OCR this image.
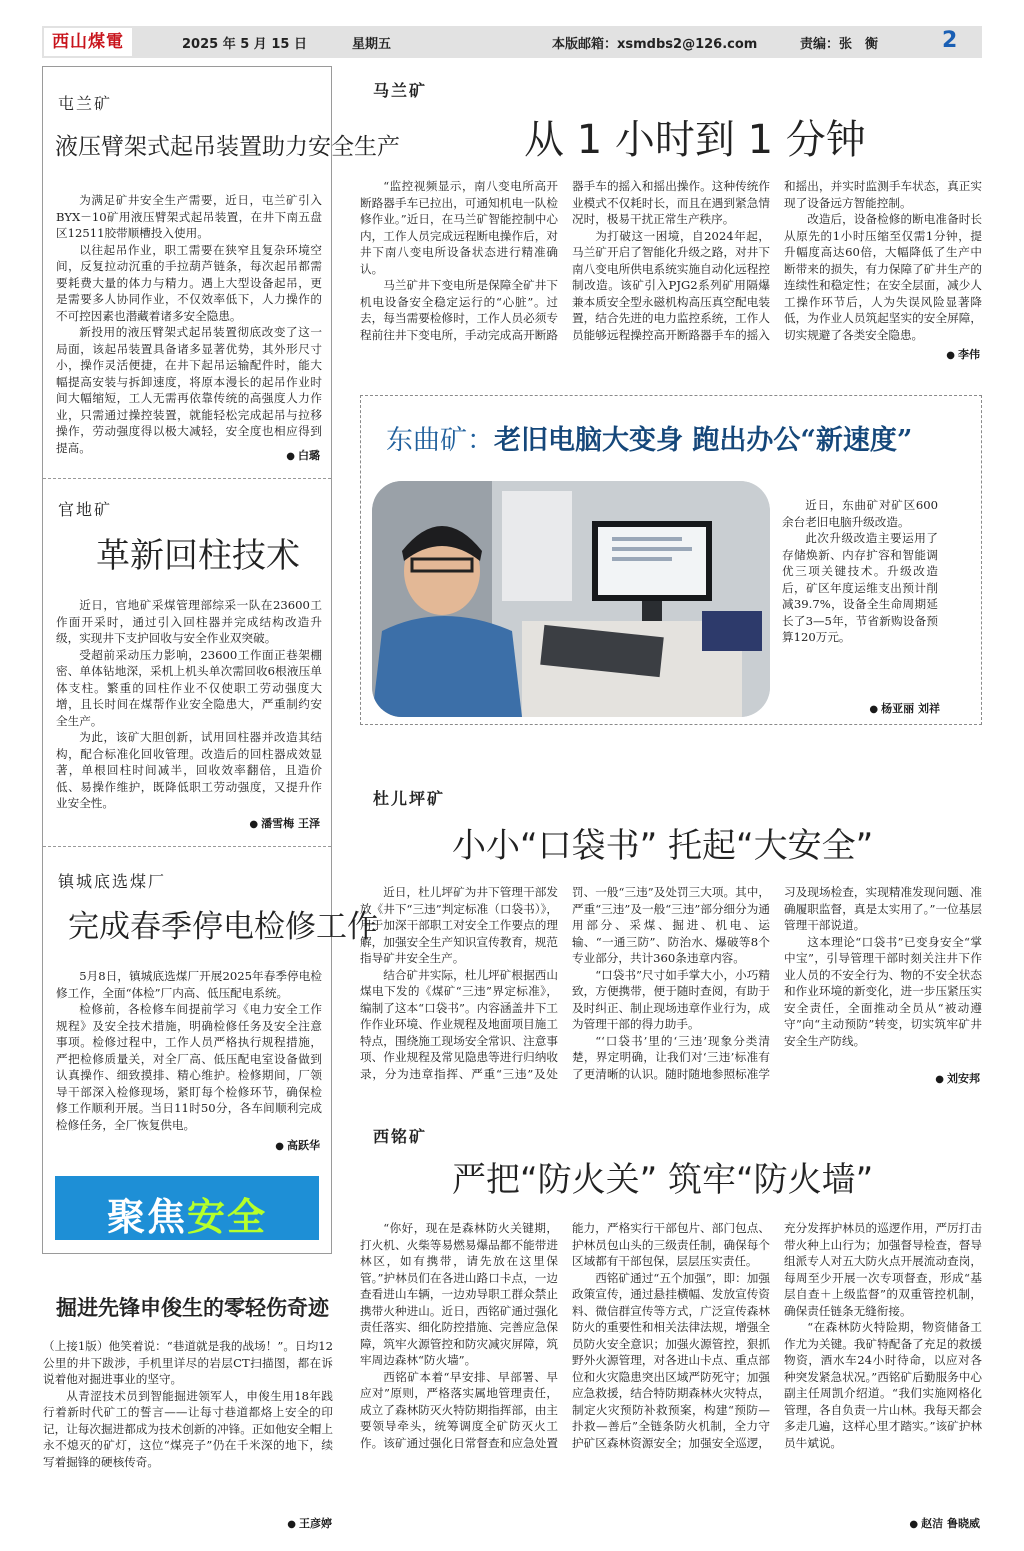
西山煤電	2025 年 5 月 15 日	星期五	本版邮箱：xsmdbs2@126.com	责编：张　衡	2
屯兰矿
液压臂架式起吊装置助力安全生产

为满足矿井安全生产需要，近日，屯兰矿引入BYX－10矿用液压臂架式起吊装置，在井下南五盘区12511胶带顺槽投入使用。

以往起吊作业，职工需要在狭窄且复杂环境空间，反复拉动沉重的手拉葫芦链条，每次起吊都需要耗费大量的体力与精力。遇上大型设备起吊，更是需要多人协同作业，不仅效率低下，人力操作的不可控因素也潜藏着诸多安全隐患。

新投用的液压臂架式起吊装置彻底改变了这一局面，该起吊装置具备诸多显著优势，其外形尺寸小，操作灵活便捷，在井下起吊运输配件时，能大幅提高安装与拆卸速度，将原本漫长的起吊作业时间大幅缩短，工人无需再依靠传统的高强度人力作业，只需通过操控装置，就能轻松完成起吊与拉移操作，劳动强度得以极大减轻，安全度也相应得到提高。

● 白璐
官地矿
革新回柱技术

近日，官地矿采煤管理部综采一队在23600工作面开采时，通过引入回柱器并完成结构改造升级，实现井下支护回收与安全作业双突破。

受超前采动压力影响，23600工作面正巷架棚密、单体钻地深，采机上机头单次需回收6根液压单体支柱。繁重的回柱作业不仅使职工劳动强度大增，且长时间在煤帮作业安全隐患大，严重制约安全生产。

为此，该矿大胆创新，试用回柱器并改造其结构，配合标准化回收管理。改造后的回柱器成效显著，单根回柱时间减半，回收效率翻倍，且造价低、易操作维护，既降低职工劳动强度，又提升作业安全性。

● 潘雪梅 王泽
镇城底选煤厂
完成春季停电检修工作

5月8日，镇城底选煤厂开展2025年春季停电检修工作，全面“体检”厂内高、低压配电系统。

检修前，各检修车间提前学习《电力安全工作规程》及安全技术措施，明确检修任务及安全注意事项。检修过程中，工作人员严格执行规程措施，严把检修质量关，对全厂高、低压配电室设备做到认真操作、细致摸排、精心维护。检修期间，厂领导干部深入检修现场，紧盯每个检修环节，确保检修工作顺利开展。当日11时50分，各车间顺利完成检修任务，全厂恢复供电。

● 高跃华
聚焦安全
掘进先锋申俊生的零轻伤奇迹

（上接1版）他笑着说：“巷道就是我的战场！”。日均12公里的井下跋涉，手机里详尽的岩层CT扫描图，都在诉说着他对掘进事业的坚守。

从青涩技术员到智能掘进领军人，申俊生用18年践行着新时代矿工的誓言——让每寸巷道都烙上安全的印记，让每次掘进都成为技术创新的冲锋。正如他安全帽上永不熄灭的矿灯，这位“煤亮子”仍在千米深的地下，续写着掘锋的硬核传奇。

● 王彦婷
马兰矿
从 1 小时到 1 分钟

“监控视频显示，南八变电所高开断路器手车已拉出，可通知机电一队检修作业。”近日，在马兰矿智能控制中心内，工作人员完成远程断电操作后，对井下南八变电所设备状态进行精准确认。

马兰矿井下变电所是保障全矿井下机电设备安全稳定运行的“心脏”。过去，每当需要检修时，工作人员必须专程前往井下变电所，手动完成高开断路器手车的摇入和摇出操作。这种传统作业模式不仅耗时长，而且在遇到紧急情况时，极易干扰正常生产秩序。

为打破这一困境，自2024年起，马兰矿开启了智能化升级之路，对井下南八变电所供电系统实施自动化远程控制改造。该矿引入PJG2系列矿用隔爆兼本质安全型永磁机构高压真空配电装置，结合先进的电力监控系统，工作人员能够远程操控高开断路器手车的摇入和摇出，并实时监测手车状态，真正实现了设备远方智能控制。

改造后，设备检修的断电准备时长从原先的1小时压缩至仅需1分钟，提升幅度高达60倍，大幅降低了生产中断带来的损失，有力保障了矿井生产的连续性和稳定性；在安全层面，减少人工操作环节后，人为失误风险显著降低，为作业人员筑起坚实的安全屏障，切实规避了各类安全隐患。

● 李伟
东曲矿：老旧电脑大变身 跑出办公“新速度”

近日，东曲矿对矿区600余台老旧电脑升级改造。

此次升级改造主要运用了存储焕新、内存扩容和智能调优三项关键技术。升级改造后，矿区年度运维支出预计削减39.7%，设备全生命周期延长了3—5年，节省新购设备预算120万元。

● 杨亚丽 刘祥
杜儿坪矿
小小“口袋书” 托起“大安全”

近日，杜儿坪矿为井下管理干部发放《井下“三违”判定标准（口袋书）》，用于加深干部职工对安全工作要点的理解，加强安全生产知识宣传教育，规范指导矿井安全生产。

结合矿井实际，杜儿坪矿根据西山煤电下发的《煤矿“三违”界定标准》，编制了这本“口袋书”。内容涵盖井下工作作业环境、作业规程及地面项目施工特点，围绕施工现场安全常识、注意事项、作业规程及常见隐患等进行归纳收录，分为违章指挥、严重“三违”及处罚、一般“三违”及处罚三大项。其中，严重“三违”及一般“三违”部分细分为通用部分、采煤、掘进、机电、运输、“一通三防”、防治水、爆破等8个专业部分，共计360条违章内容。

“口袋书”尺寸如手掌大小，小巧精致，方便携带，便于随时查阅，有助于及时纠正、制止现场违章作业行为，成为管理干部的得力助手。

“‘口袋书’里的‘三违’现象分类清楚，界定明确，让我们对‘三违’标准有了更清晰的认识。随时随地参照标准学习及现场检查，实现精准发现问题、准确履职监督，真是太实用了。”一位基层管理干部说道。

这本理论“口袋书”已变身安全“掌中宝”，引导管理干部时刻关注井下作业人员的不安全行为、物的不安全状态和作业环境的新变化，进一步压紧压实安全责任，全面推动全员从“被动遵守”向“主动预防”转变，切实筑牢矿井安全生产防线。

● 刘安邦
西铭矿
严把“防火关” 筑牢“防火墙”

“你好，现在是森林防火关键期，打火机、火柴等易燃易爆品都不能带进林区，如有携带，请先放在这里保管。”护林员们在各进山路口卡点，一边查看进山车辆，一边劝导职工群众禁止携带火种进山。近日，西铭矿通过强化责任落实、细化防控措施、完善应急保障，筑牢火源管控和防灾减灾屏障，筑牢周边森林“防火墙”。

西铭矿本着“早安排、早部署、早应对”原则，严格落实属地管理责任，成立了森林防灭火特防期指挥部，由主要领导牵头，统筹调度全矿防灭火工作。该矿通过强化日常督查和应急处置能力，严格实行干部包片、部门包点、护林员包山头的三级责任制，确保每个区域都有干部包保，层层压实责任。

西铭矿通过“五个加强”，即：加强政策宣传，通过悬挂横幅、发放宣传资料、微信群宣传等方式，广泛宣传森林防火的重要性和相关法律法规，增强全员防火安全意识；加强火源管控，狠抓野外火源管理，对各进山卡点、重点部位和火灾隐患突出区域严防死守；加强应急救援，结合特防期森林火灾特点，制定火灾预防补救预案，构建“预防—扑救—善后”全链条防火机制，全力守护矿区森林资源安全；加强安全巡逻，充分发挥护林员的巡逻作用，严厉打击带火种上山行为；加强督导检查，督导组派专人对五大防火点开展流动查岗，每周至少开展一次专项督查，形成“基层自查＋上级监督”的双重管控机制，确保责任链条无缝衔接。

“在森林防火特险期，物资储备工作尤为关键。我矿特配备了充足的救援物资，酒水车24小时待命，以应对各种突发紧急状况。”西铭矿后勤服务中心副主任周凯介绍道。“我们实施网格化管理，各自负责一片山林。我每天都会多走几遍，这样心里才踏实。”该矿护林员牛斌说。

● 赵洁 鲁晓威
